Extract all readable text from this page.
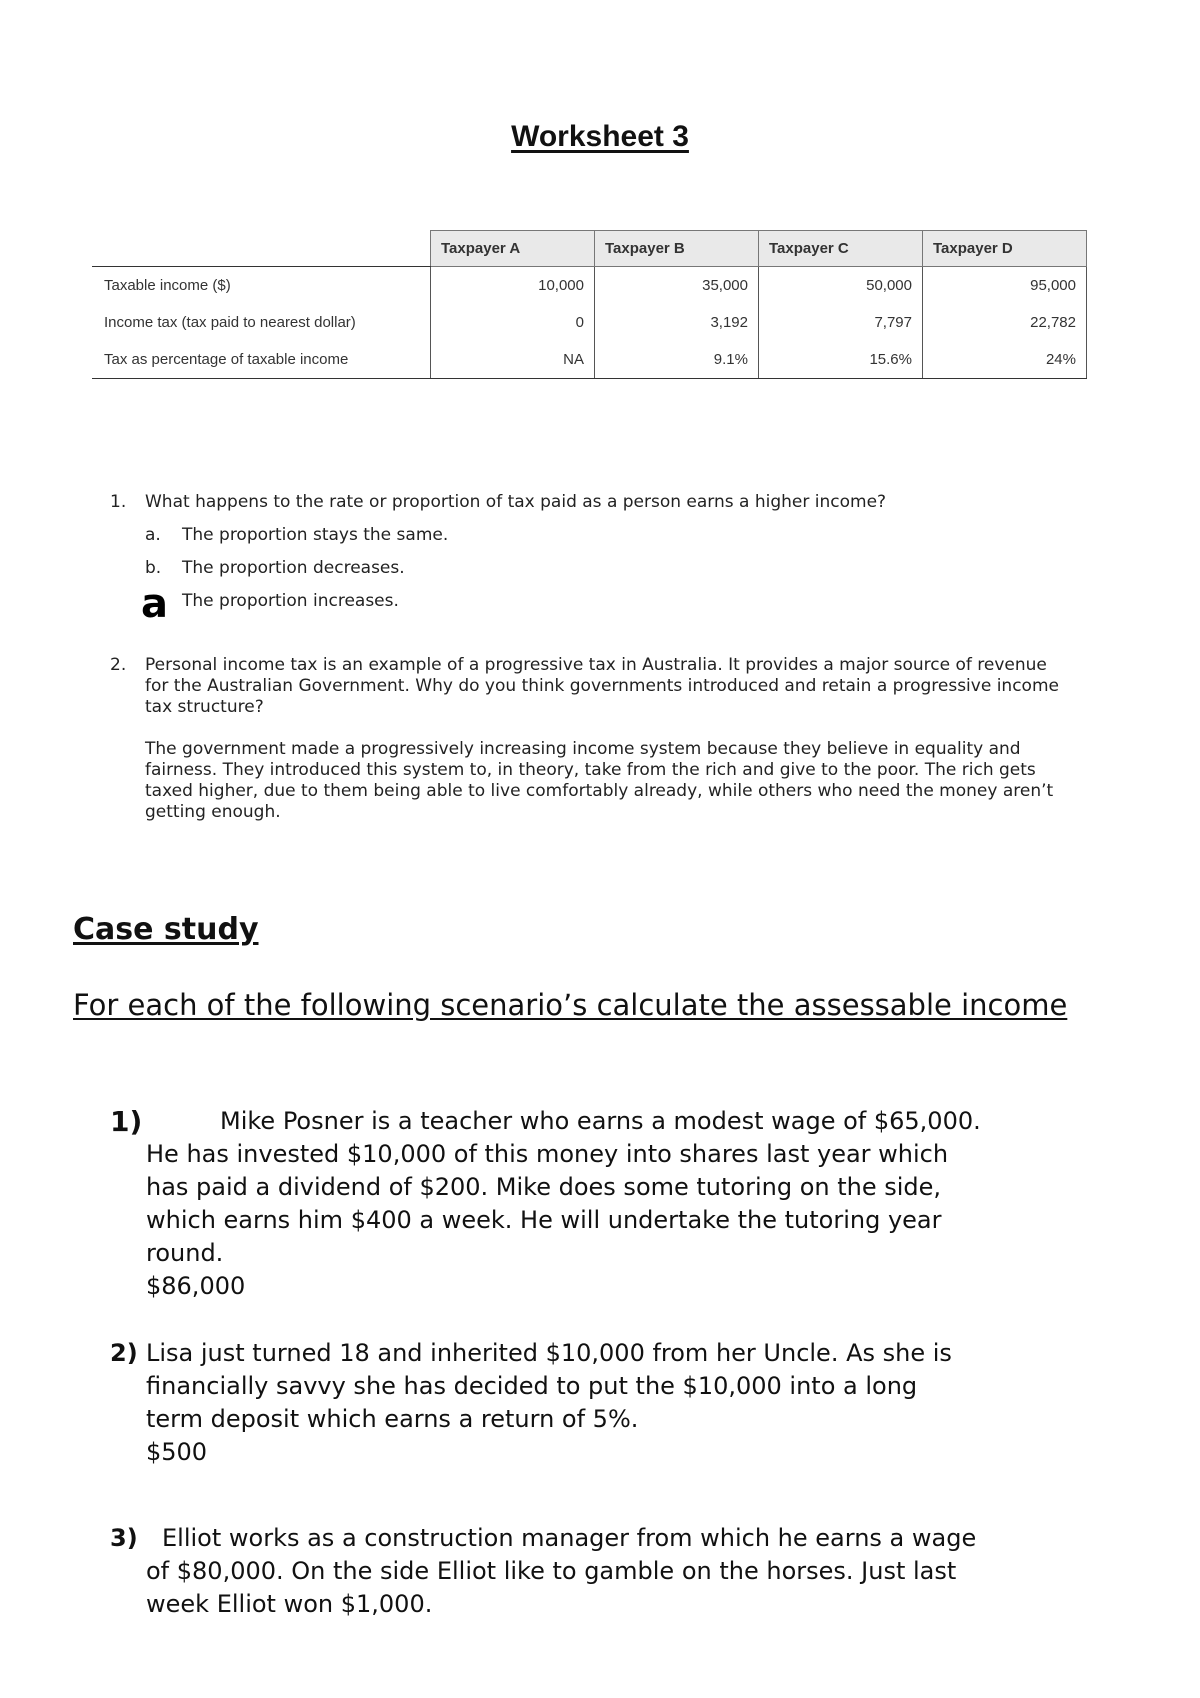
Worksheet 3
	Taxpayer A	Taxpayer B	Taxpayer C	Taxpayer D
Taxable income ($)	10,000	35,000	50,000	95,000
Income tax (tax paid to nearest dollar)	0	3,192	7,797	22,782
Tax as percentage of taxable income	NA	9.1%	15.6%	24%
1. What happens to the rate or proportion of tax paid as a person earns a higher income?
a. The proportion stays the same.
b. The proportion decreases.
The proportion increases.
a
2. Personal income tax is an example of a progressive tax in Australia. It provides a major source of revenue
for the Australian Government. Why do you think governments introduced and retain a progressive income
tax structure?
The government made a progressively increasing income system because they believe in equality and
fairness. They introduced this system to, in theory, take from the rich and give to the poor. The rich gets
taxed higher, due to them being able to live comfortably already, while others who need the money aren’t
getting enough.
Case study
For each of the following scenario’s calculate the assessable income
1)	Mike Posner is a teacher who earns a modest wage of $65,000.
He has invested $10,000 of this money into shares last year which
has paid a dividend of $200. Mike does some tutoring on the side,
which earns him $400 a week. He will undertake the tutoring year
round.
$86,000
2) Lisa just turned 18 and inherited $10,000 from her Uncle. As she is
financially savvy she has decided to put the $10,000 into a long
term deposit which earns a return of 5%.
$500
3) Elliot works as a construction manager from which he earns a wage
of $80,000. On the side Elliot like to gamble on the horses. Just last
week Elliot won $1,000.
